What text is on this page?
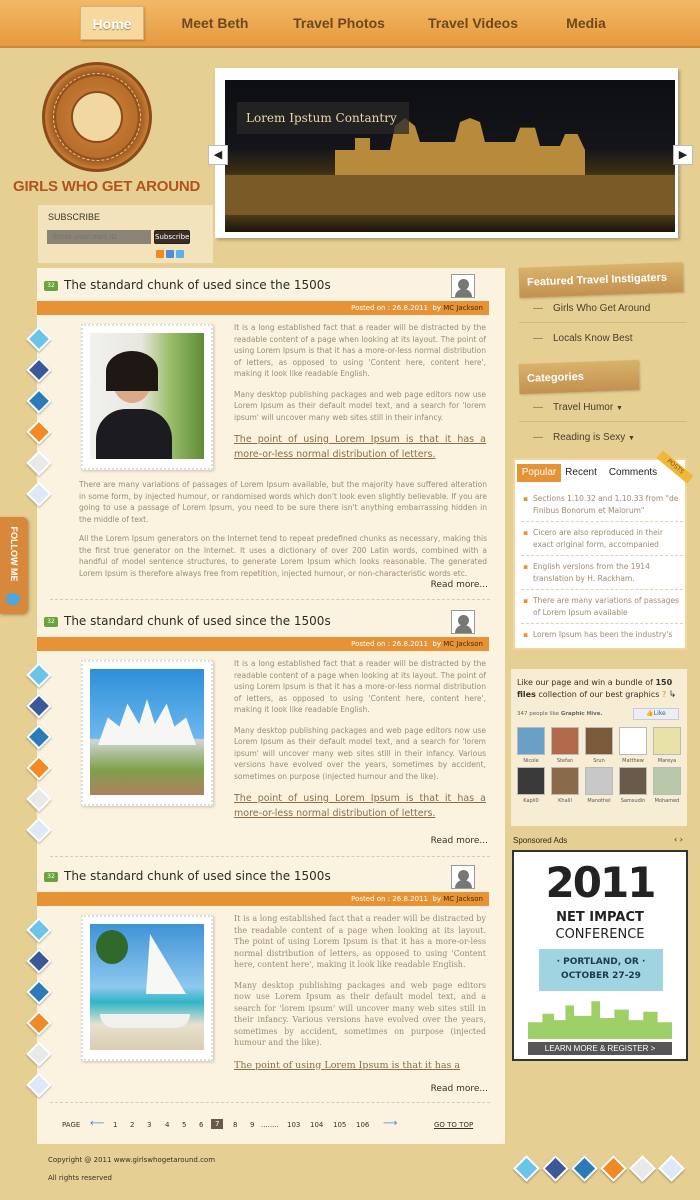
Home	Meet Beth	Travel Photos	Travel Videos	Media
GIRLS WHO GET AROUND
SUBSCRIBE
Enter your mail ID
Subscribe
Lorem Ipstum Contantry
◀	▶
FOLLOW ME
32 The standard chunk of used since the 1500s
Posted on : 26.8.2011 by MC Jackson

It is a long established fact that a reader will be distracted by the readable content of a page when looking at its layout. The point of using Lorem Ipsum is that it has a more-or-less normal distribution of letters, as opposed to using 'Content here, content here', making it look like readable English.

Many desktop publishing packages and web page editors now use Lorem Ipsum as their default model text, and a search for 'lorem ipsum' will uncover many web sites still in their infancy.

The point of using Lorem Ipsum is that it has a more-or-less normal distribution of letters.

There are many variations of passages of Lorem Ipsum available, but the majority have suffered alteration in some form, by injected humour, or randomised words which don't look even slightly believable. If you are going to use a passage of Lorem Ipsum, you need to be sure there isn't anything embarrassing hidden in the middle of text.

All the Lorem Ipsum generators on the Internet tend to repeat predefined chunks as necessary, making this the first true generator on the Internet. It uses a dictionary of over 200 Latin words, combined with a handful of model sentence structures, to generate Lorem Ipsum which looks reasonable. The generated Lorem Ipsum is therefore always free from repetition, injected humour, or non-characteristic words etc.

Read more...
32 The standard chunk of used since the 1500s
Posted on : 26.8.2011 by MC Jackson

It is a long established fact that a reader will be distracted by the readable content of a page when looking at its layout. The point of using Lorem Ipsum is that it has a more-or-less normal distribution of letters, as opposed to using 'Content here, content here', making it look like readable English.

Many desktop publishing packages and web page editors now use Lorem Ipsum as their default model text, and a search for 'lorem ipsum' will uncover many web sites still in their infancy. Various versions have evolved over the years, sometimes by accident, sometimes on purpose (injected humour and the like).

The point of using Lorem Ipsum is that it has a more-or-less normal distribution of letters.

Read more...
32 The standard chunk of used since the 1500s
Posted on : 26.8.2011 by MC Jackson

It is a long established fact that a reader will be distracted by the readable content of a page when looking at its layout. The point of using Lorem Ipsum is that it has a more-or-less normal distribution of letters, as opposed to using 'Content here, content here', making it look like readable English.

Many desktop publishing packages and web page editors now use Lorem Ipsum as their default model text, and a search for 'lorem ipsum' will uncover many web sites still in their infancy. Various versions have evolved over the years, sometimes by accident, sometimes on purpose (injected humour and the like).

The point of using Lorem Ipsum is that it has a

Read more...
PAGE ⟵ 1 2 3 4 5 6	7	8 9 ........ 103 104 105 106 ⟶	GO TO TOP
Featured Travel Instigaters
— Girls Who Get Around
— Locals Know Best
Categories
— Travel Humor ▼
— Reading is Sexy ▼
Popular Recent	Comments	POSTS
▪ Sections 1.10.32 and 1.10.33 from "de Finibus Bonorum et Malorum"
▪ Cicero are also reproduced in their exact original form, accompanied
▪ English versions from the 1914 translation by H. Rackham.
▪ There are many variations of passages of Lorem Ipsum available
▪ Lorem Ipsum has been the industry's
Like our page and win a bundle of 150 files collection of our best graphics ? ↳
347 people like Graphic Hive.	👍Like
Nicole	Stefan	Srun	Matthew	Mareya
Kapil0	Khalil	Manothel	Samsudin	Mohamed
Sponsored Ads	‹ ›
2011
NET IMPACT
CONFERENCE
· PORTLAND, OR ·
OCTOBER 27-29
LEARN MORE & REGISTER >
Copyright @ 2011 www.girlswhogetaround.com
All rights reserved
